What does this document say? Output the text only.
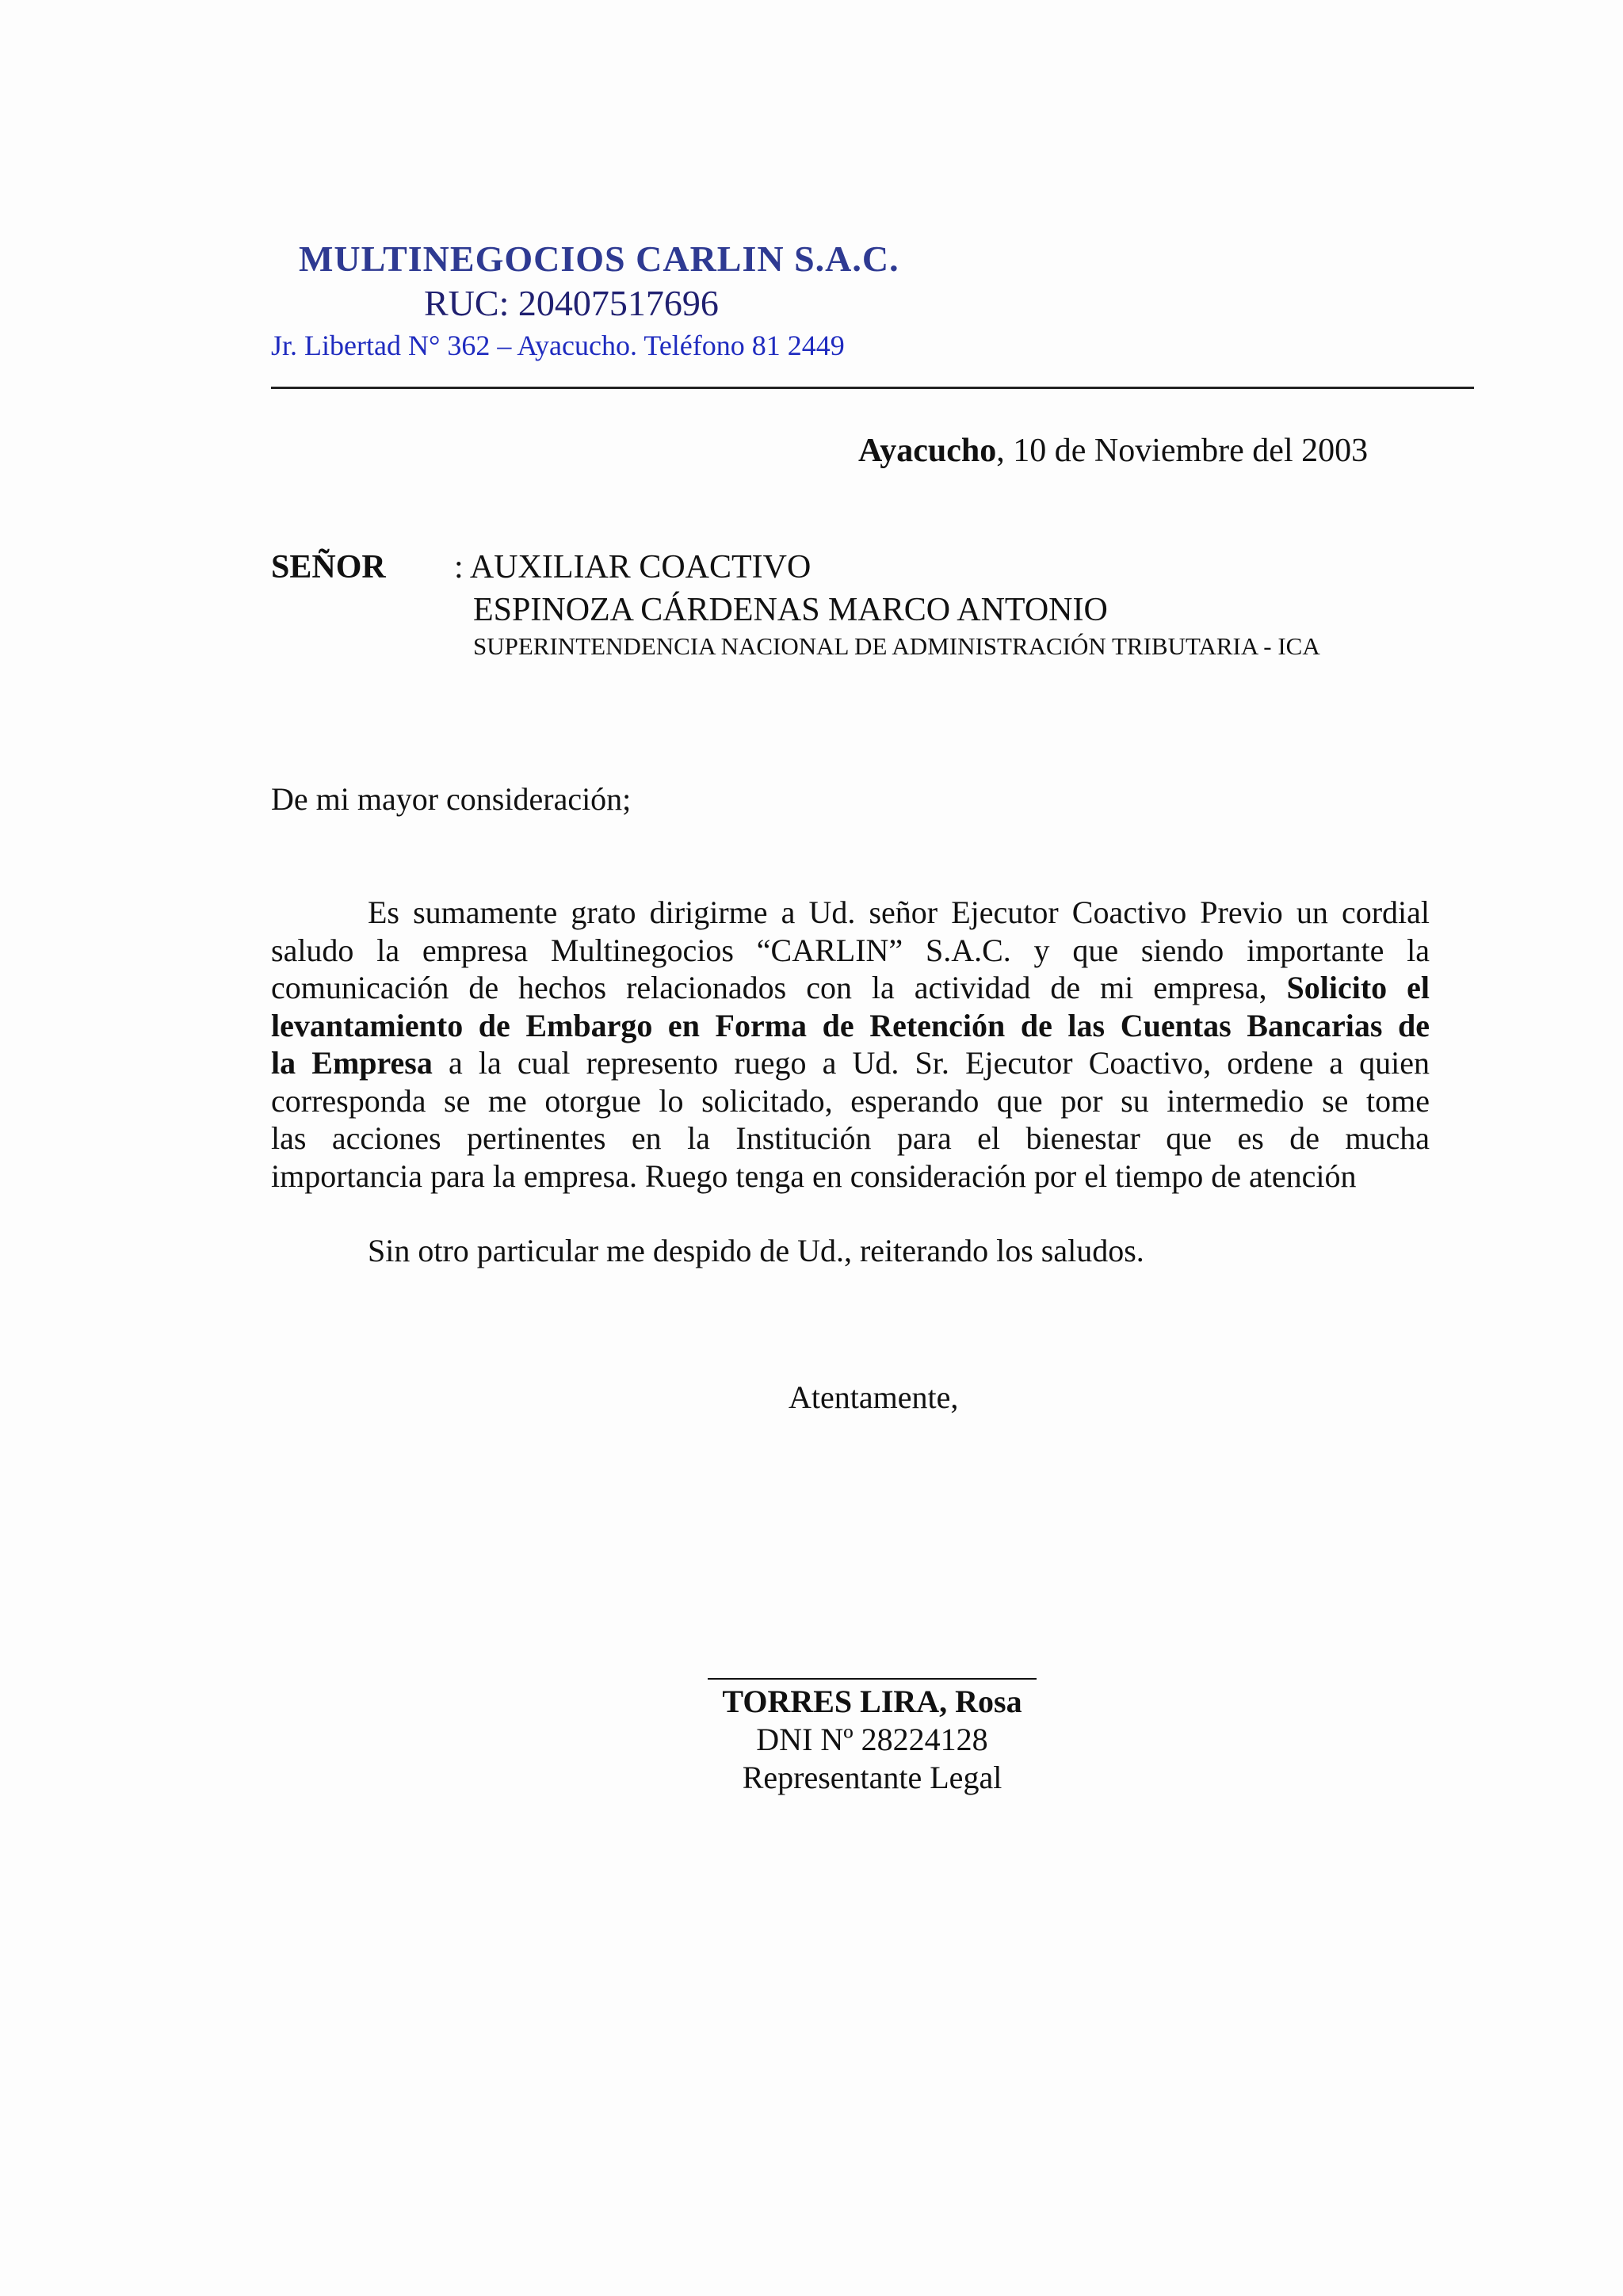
MULTINEGOCIOS CARLIN S.A.C.
RUC: 20407517696
Jr. Libertad N° 362 – Ayacucho. Teléfono 81 2449
Ayacucho, 10 de Noviembre del 2003
SEÑOR : AUXILIAR COACTIVO
ESPINOZA CÁRDENAS MARCO ANTONIO
SUPERINTENDENCIA NACIONAL DE ADMINISTRACIÓN TRIBUTARIA - ICA
De mi mayor consideración;
Es sumamente grato dirigirme a Ud. señor Ejecutor Coactivo Previo un cordial
saludo la empresa Multinegocios “CARLIN” S.A.C. y que siendo importante la
comunicación de hechos relacionados con la actividad de mi empresa, Solicito el
levantamiento de Embargo en Forma de Retención de las Cuentas Bancarias de
la Empresa a la cual represento ruego a Ud. Sr. Ejecutor Coactivo, ordene a quien
corresponda se me otorgue lo solicitado, esperando que por su intermedio se tome
las acciones pertinentes en la Institución para el bienestar que es de mucha
importancia para la empresa. Ruego tenga en consideración por el tiempo de atención
Sin otro particular me despido de Ud., reiterando los saludos.
Atentamente,
TORRES LIRA, Rosa
DNI Nº 28224128
Representante Legal
